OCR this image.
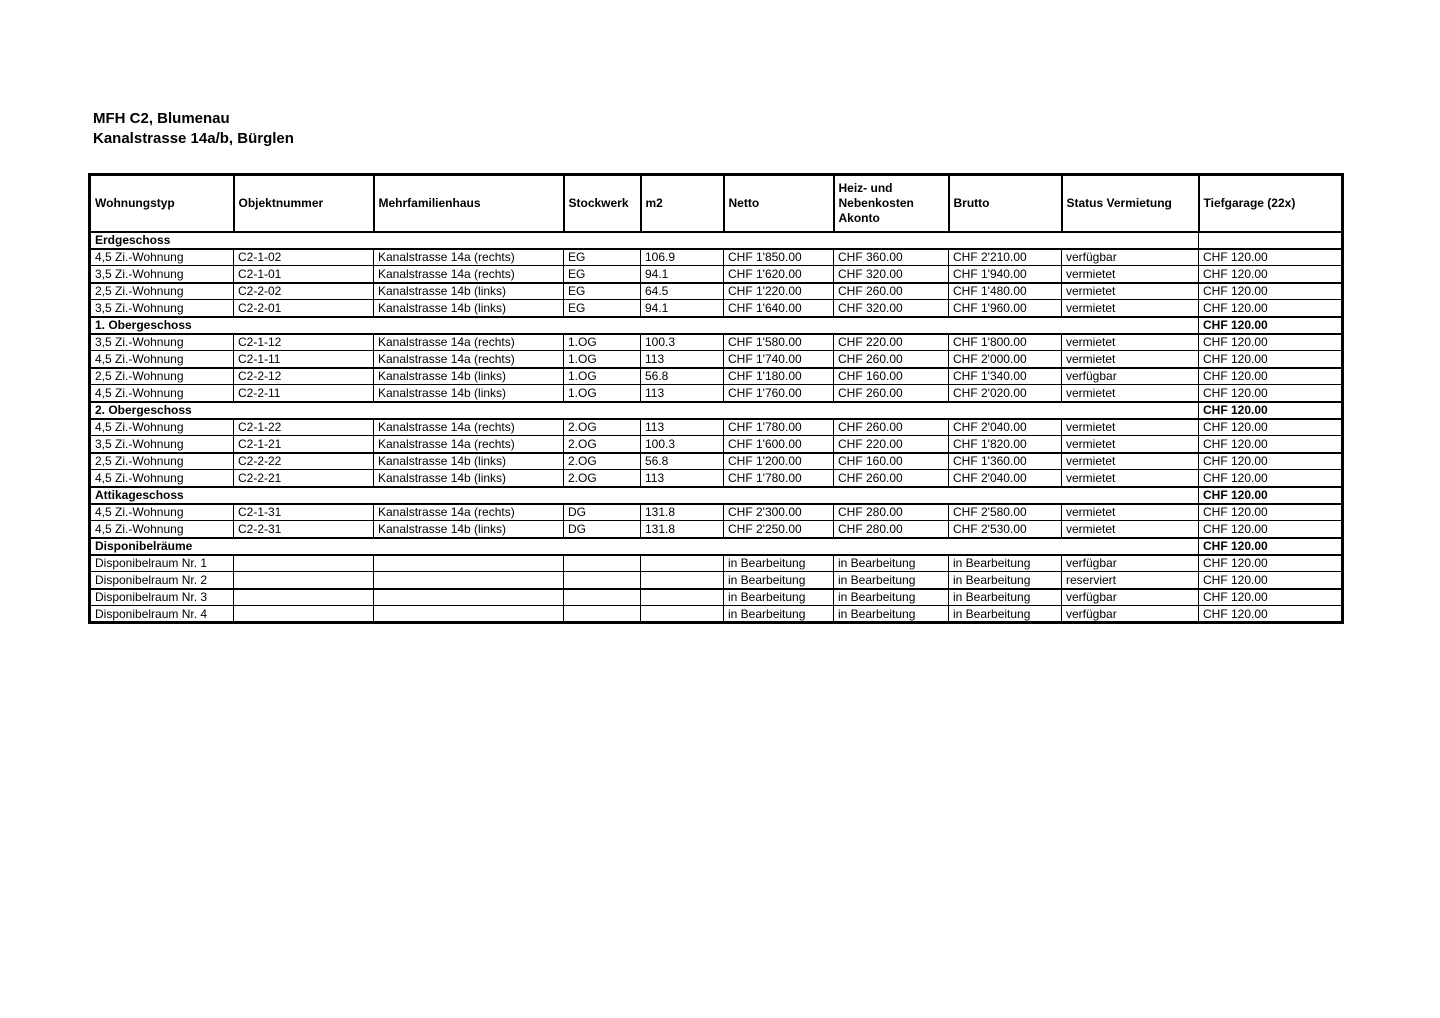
MFH C2, Blumenau
Kanalstrasse 14a/b, Bürglen
Wohnungstyp	Objektnummer	Mehrfamilienhaus	Stockwerk	m2	Netto	Heiz- und Nebenkosten Akonto	Brutto	Status Vermietung	Tiefgarage (22x)
Erdgeschoss									
4,5 Zi.-Wohnung	C2-1-02	Kanalstrasse 14a (rechts)	EG	106.9	CHF 1'850.00	CHF 360.00	CHF 2'210.00	verfügbar	CHF 120.00
3,5 Zi.-Wohnung	C2-1-01	Kanalstrasse 14a (rechts)	EG	94.1	CHF 1'620.00	CHF 320.00	CHF 1'940.00	vermietet	CHF 120.00
2,5 Zi.-Wohnung	C2-2-02	Kanalstrasse 14b (links)	EG	64.5	CHF 1'220.00	CHF 260.00	CHF 1'480.00	vermietet	CHF 120.00
3,5 Zi.-Wohnung	C2-2-01	Kanalstrasse 14b (links)	EG	94.1	CHF 1'640.00	CHF 320.00	CHF 1'960.00	vermietet	CHF 120.00
1. Obergeschoss									CHF 120.00
3,5 Zi.-Wohnung	C2-1-12	Kanalstrasse 14a (rechts)	1.OG	100.3	CHF 1'580.00	CHF 220.00	CHF 1'800.00	vermietet	CHF 120.00
4,5 Zi.-Wohnung	C2-1-11	Kanalstrasse 14a (rechts)	1.OG	113	CHF 1'740.00	CHF 260.00	CHF 2'000.00	vermietet	CHF 120.00
2,5 Zi.-Wohnung	C2-2-12	Kanalstrasse 14b (links)	1.OG	56.8	CHF 1'180.00	CHF 160.00	CHF 1'340.00	verfügbar	CHF 120.00
4,5 Zi.-Wohnung	C2-2-11	Kanalstrasse 14b (links)	1.OG	113	CHF 1'760.00	CHF 260.00	CHF 2'020.00	vermietet	CHF 120.00
2. Obergeschoss									CHF 120.00
4,5 Zi.-Wohnung	C2-1-22	Kanalstrasse 14a (rechts)	2.OG	113	CHF 1'780.00	CHF 260.00	CHF 2'040.00	vermietet	CHF 120.00
3,5 Zi.-Wohnung	C2-1-21	Kanalstrasse 14a (rechts)	2.OG	100.3	CHF 1'600.00	CHF 220.00	CHF 1'820.00	vermietet	CHF 120.00
2,5 Zi.-Wohnung	C2-2-22	Kanalstrasse 14b (links)	2.OG	56.8	CHF 1'200.00	CHF 160.00	CHF 1'360.00	vermietet	CHF 120.00
4,5 Zi.-Wohnung	C2-2-21	Kanalstrasse 14b (links)	2.OG	113	CHF 1'780.00	CHF 260.00	CHF 2'040.00	vermietet	CHF 120.00
Attikageschoss									CHF 120.00
4,5 Zi.-Wohnung	C2-1-31	Kanalstrasse 14a (rechts)	DG	131.8	CHF 2'300.00	CHF 280.00	CHF 2'580.00	vermietet	CHF 120.00
4,5 Zi.-Wohnung	C2-2-31	Kanalstrasse 14b (links)	DG	131.8	CHF 2'250.00	CHF 280.00	CHF 2'530.00	vermietet	CHF 120.00
Disponibelräume									CHF 120.00
Disponibelraum Nr. 1					in Bearbeitung	in Bearbeitung	in Bearbeitung	verfügbar	CHF 120.00
Disponibelraum Nr. 2					in Bearbeitung	in Bearbeitung	in Bearbeitung	reserviert	CHF 120.00
Disponibelraum Nr. 3					in Bearbeitung	in Bearbeitung	in Bearbeitung	verfügbar	CHF 120.00
Disponibelraum Nr. 4					in Bearbeitung	in Bearbeitung	in Bearbeitung	verfügbar	CHF 120.00
